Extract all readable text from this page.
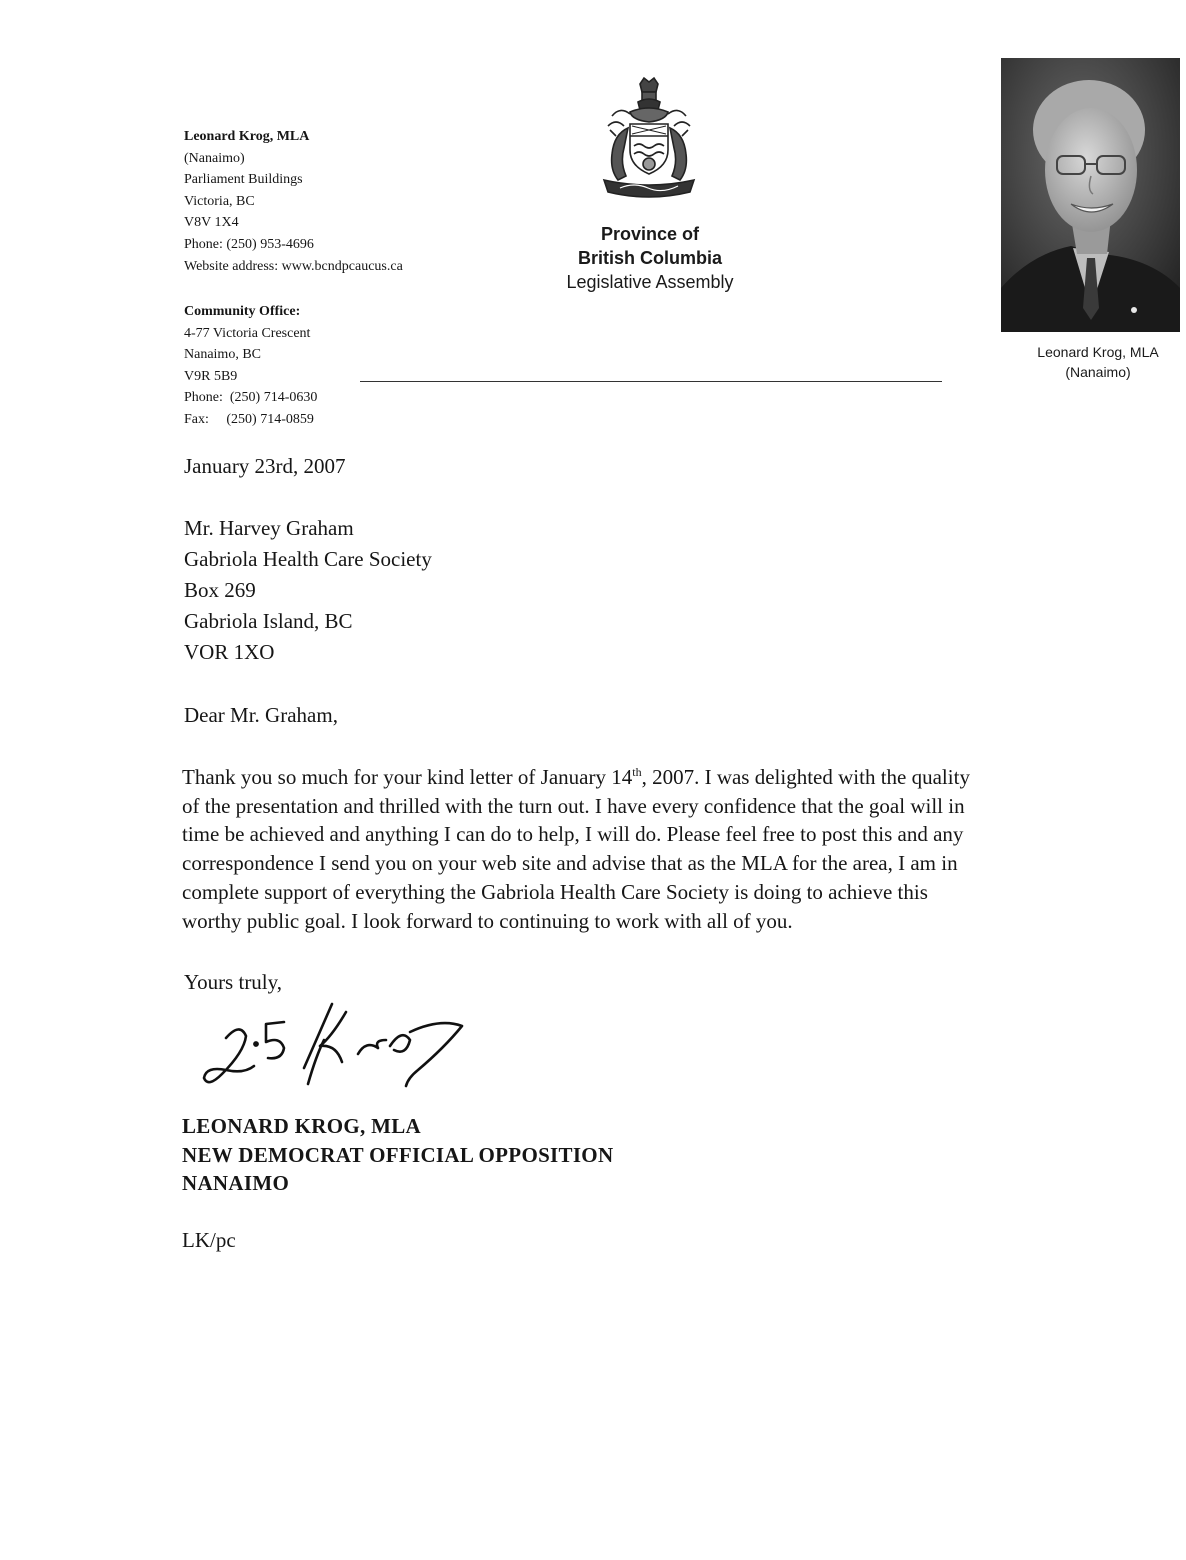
Leonard Krog, MLA
(Nanaimo)
Parliament Buildings
Victoria, BC
V8V 1X4
Phone: (250) 953-4696
Website address: www.bcndpcaucus.ca
Community Office:
4-77 Victoria Crescent
Nanaimo, BC
V9R 5B9
Phone:  (250) 714-0630
Fax:     (250) 714-0859
Province of
British Columbia
Legislative Assembly
Leonard Krog, MLA
(Nanaimo)
January 23rd, 2007
Mr. Harvey Graham
Gabriola Health Care Society
Box 269
Gabriola Island, BC
VOR 1XO
Dear Mr. Graham,
Thank you so much for your kind letter of January 14th, 2007. I was delighted with the quality
of the presentation and thrilled with the turn out. I have every confidence that the goal will in
time be achieved and anything I can do to help, I will do. Please feel free to post this and any
correspondence I send you on your web site and advise that as the MLA for the area, I am in
complete support of everything the Gabriola Health Care Society is doing to achieve this
worthy public goal. I look forward to continuing to work with all of you.
Yours truly,
LEONARD KROG, MLA
NEW DEMOCRAT OFFICIAL OPPOSITION
NANAIMO
LK/pc
